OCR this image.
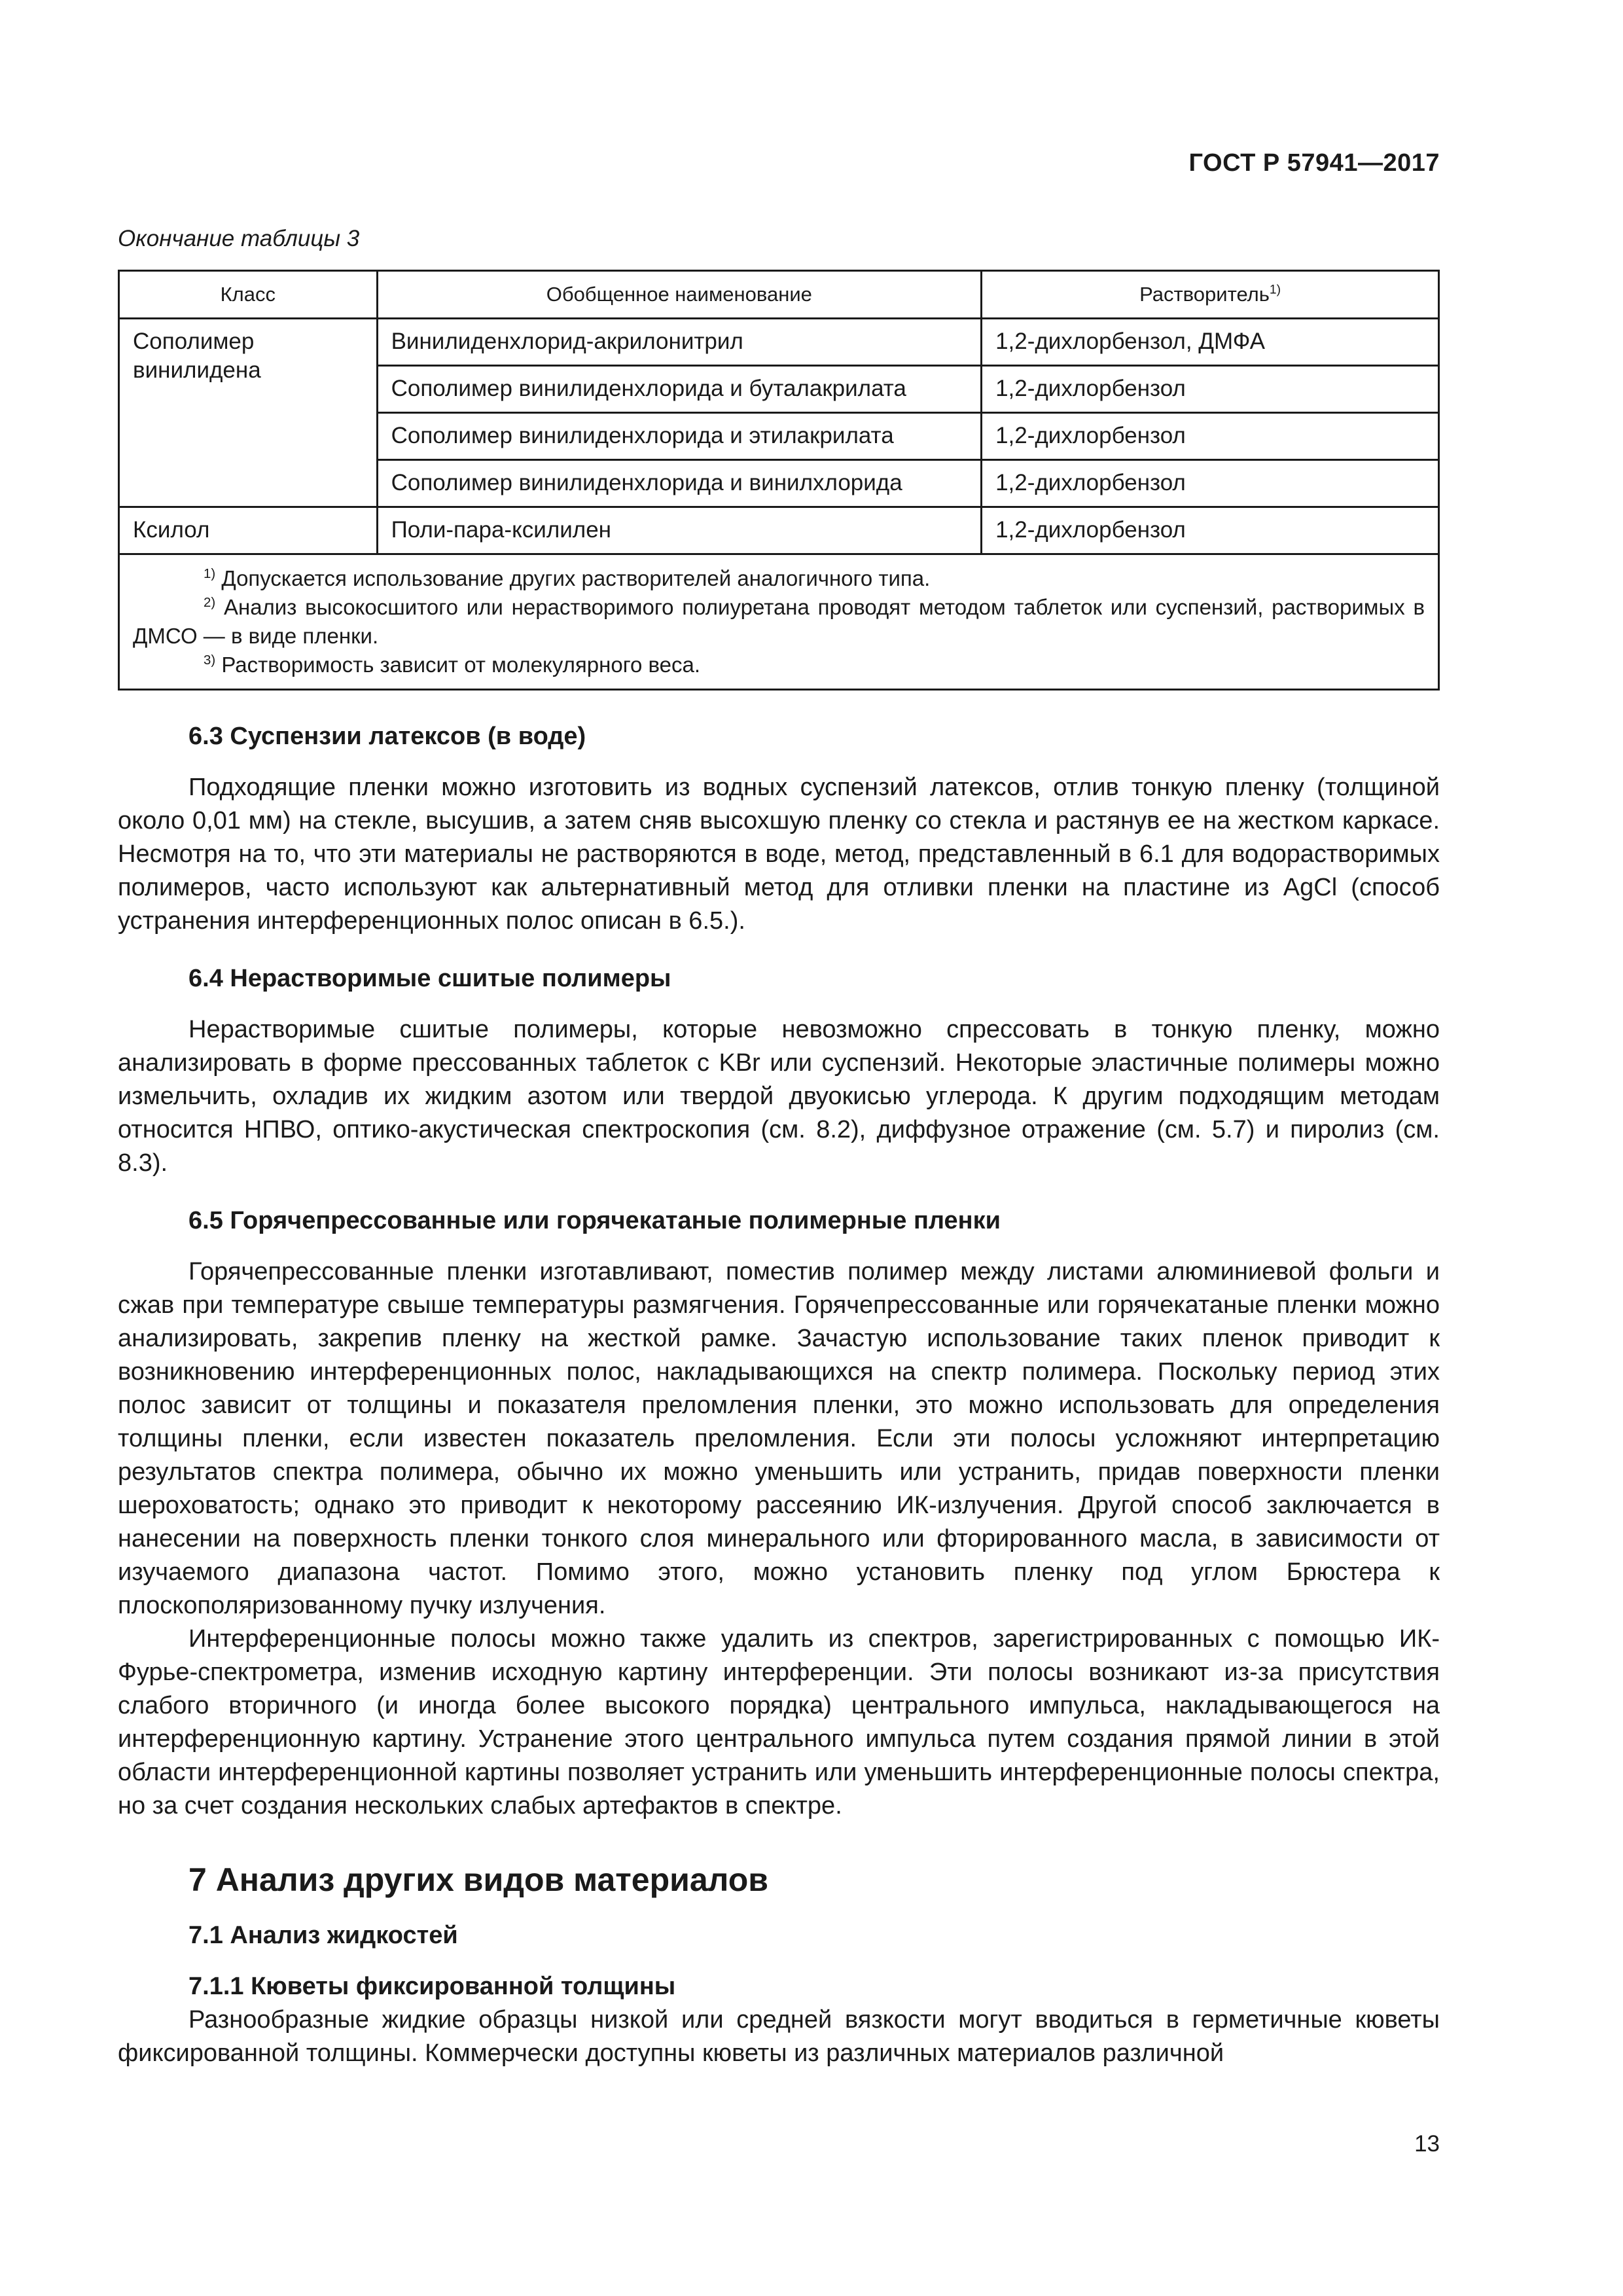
ГОСТ Р 57941—2017
Окончание таблицы 3
Класс	Обобщенное наименование	Растворитель$^{1)}$
Сополимер винилидена	Винилиденхлорид-акрилонитрил	1,2-дихлорбензол, ДМФА
	Сополимер винилиденхлорида и буталакрилата	1,2-дихлорбензол
	Сополимер винилиденхлорида и этилакрилата	1,2-дихлорбензол
	Сополимер винилиденхлорида и винилхлорида	1,2-дихлорбензол
Ксилол	Поли-пара-ксилилен	1,2-дихлорбензол

$^{1)}$ Допускается использование других растворителей аналогичного типа.

$^{2)}$ Анализ высокосшитого или нерастворимого полиуретана проводят методом таблеток или суспензий, растворимых в ДМСО — в виде пленки.

$^{3)}$ Растворимость зависит от молекулярного веса.		

6.3 Суспензии латексов (в воде)

Подходящие пленки можно изготовить из водных суспензий латексов, отлив тонкую пленку (толщиной около 0,01 мм) на стекле, высушив, а затем сняв высохшую пленку со стекла и растянув ее на жестком каркасе. Несмотря на то, что эти материалы не растворяются в воде, метод, представленный в 6.1 для водорастворимых полимеров, часто используют как альтернативный метод для отливки пленки на пластине из AgCl (способ устранения интерференционных полос описан в 6.5.).

6.4 Нерастворимые сшитые полимеры

Нерастворимые сшитые полимеры, которые невозможно спрессовать в тонкую пленку, можно анализировать в форме прессованных таблеток с KBr или суспензий. Некоторые эластичные полимеры можно измельчить, охладив их жидким азотом или твердой двуокисью углерода. К другим подходящим методам относится НПВО, оптико-акустическая спектроскопия (см. 8.2), диффузное отражение (см. 5.7) и пиролиз (см. 8.3).

6.5 Горячепрессованные или горячекатаные полимерные пленки

Горячепрессованные пленки изготавливают, поместив полимер между листами алюминиевой фольги и сжав при температуре свыше температуры размягчения. Горячепрессованные или горячекатаные пленки можно анализировать, закрепив пленку на жесткой рамке. Зачастую использование таких пленок приводит к возникновению интерференционных полос, накладывающихся на спектр полимера. Поскольку период этих полос зависит от толщины и показателя преломления пленки, это можно использовать для определения толщины пленки, если известен показатель преломления. Если эти полосы усложняют интерпретацию результатов спектра полимера, обычно их можно уменьшить или устранить, придав поверхности пленки шероховатость; однако это приводит к некоторому рассеянию ИК-излучения. Другой способ заключается в нанесении на поверхность пленки тонкого слоя минерального или фторированного масла, в зависимости от изучаемого диапазона частот. Помимо этого, можно установить пленку под углом Брюстера к плоскополяризованному пучку излучения.

Интерференционные полосы можно также удалить из спектров, зарегистрированных с помощью ИК-Фурье-спектрометра, изменив исходную картину интерференции. Эти полосы возникают из-за присутствия слабого вторичного (и иногда более высокого порядка) центрального импульса, накладывающегося на интерференционную картину. Устранение этого центрального импульса путем создания прямой линии в этой области интерференционной картины позволяет устранить или уменьшить интерференционные полосы спектра, но за счет создания нескольких слабых артефактов в спектре.

7 Анализ других видов материалов
7.1 Анализ жидкостей
7.1.1 Кюветы фиксированной толщины

Разнообразные жидкие образцы низкой или средней вязкости могут вводиться в герметичные кюветы фиксированной толщины. Коммерчески доступны кюветы из различных материалов различной

13
